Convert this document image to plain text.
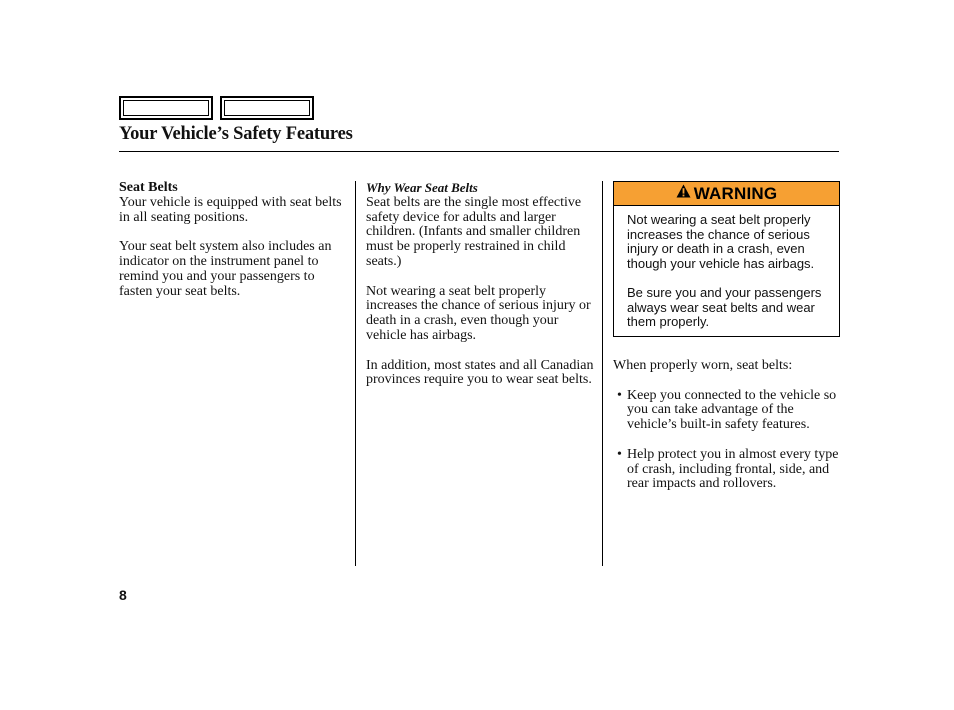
Your Vehicle’s Safety Features
Seat Belts

Your vehicle is equipped with seat belts in all seating positions.

Your seat belt system also includes an indicator on the instrument panel to remind you and your passengers to fasten your seat belts.

Why Wear Seat Belts

Seat belts are the single most effective safety device for adults and larger children. (Infants and smaller children must be properly restrained in child seats.)

Not wearing a seat belt properly increases the chance of serious injury or death in a crash, even though your vehicle has airbags.

In addition, most states and all Canadian provinces require you to wear seat belts.

WARNING

Not wearing a seat belt properly increases the chance of serious injury or death in a crash, even though your vehicle has airbags.

Be sure you and your passengers always wear seat belts and wear them properly.

When properly worn, seat belts:

• Keep you connected to the vehicle so you can take advantage of the vehicle’s built-in safety features.

• Help protect you in almost every type of crash, including frontal, side, and rear impacts and rollovers.

8
